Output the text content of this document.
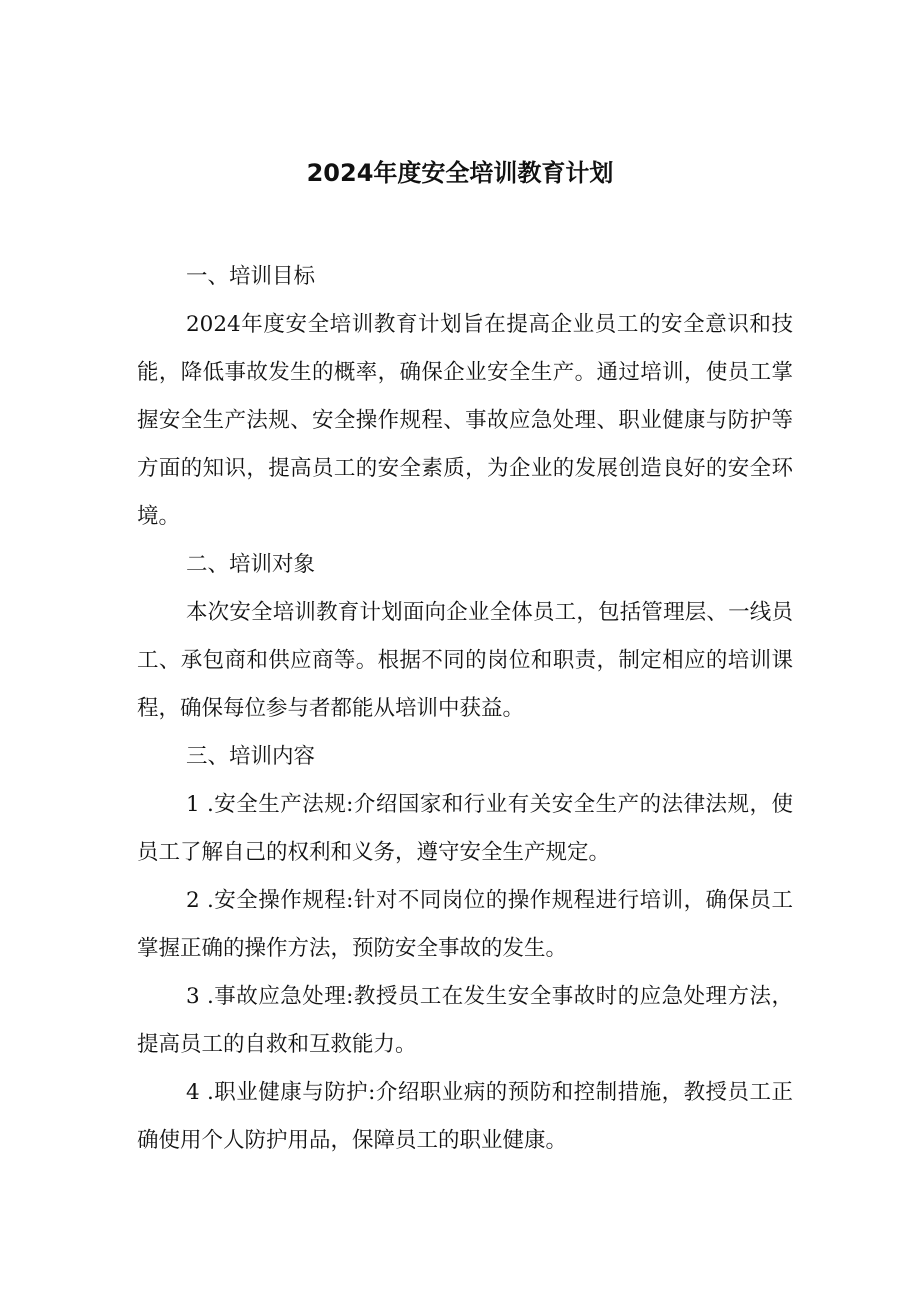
2024年度安全培训教育计划
一、培训目标
2024年度安全培训教育计划旨在提高企业员工的安全意识和技能，降低事故发生的概率，确保企业安全生产。通过培训，使员工掌握安全生产法规、安全操作规程、事故应急处理、职业健康与防护等方面的知识，提高员工的安全素质，为企业的发展创造良好的安全环境。
二、培训对象
本次安全培训教育计划面向企业全体员工，包括管理层、一线员工、承包商和供应商等。根据不同的岗位和职责，制定相应的培训课程，确保每位参与者都能从培训中获益。
三、培训内容
1 .安全生产法规:介绍国家和行业有关安全生产的法律法规，使员工了解自己的权利和义务，遵守安全生产规定。
2 .安全操作规程:针对不同岗位的操作规程进行培训，确保员工掌握正确的操作方法，预防安全事故的发生。
3 .事故应急处理:教授员工在发生安全事故时的应急处理方法，提高员工的自救和互救能力。
4 .职业健康与防护:介绍职业病的预防和控制措施，教授员工正确使用个人防护用品，保障员工的职业健康。
